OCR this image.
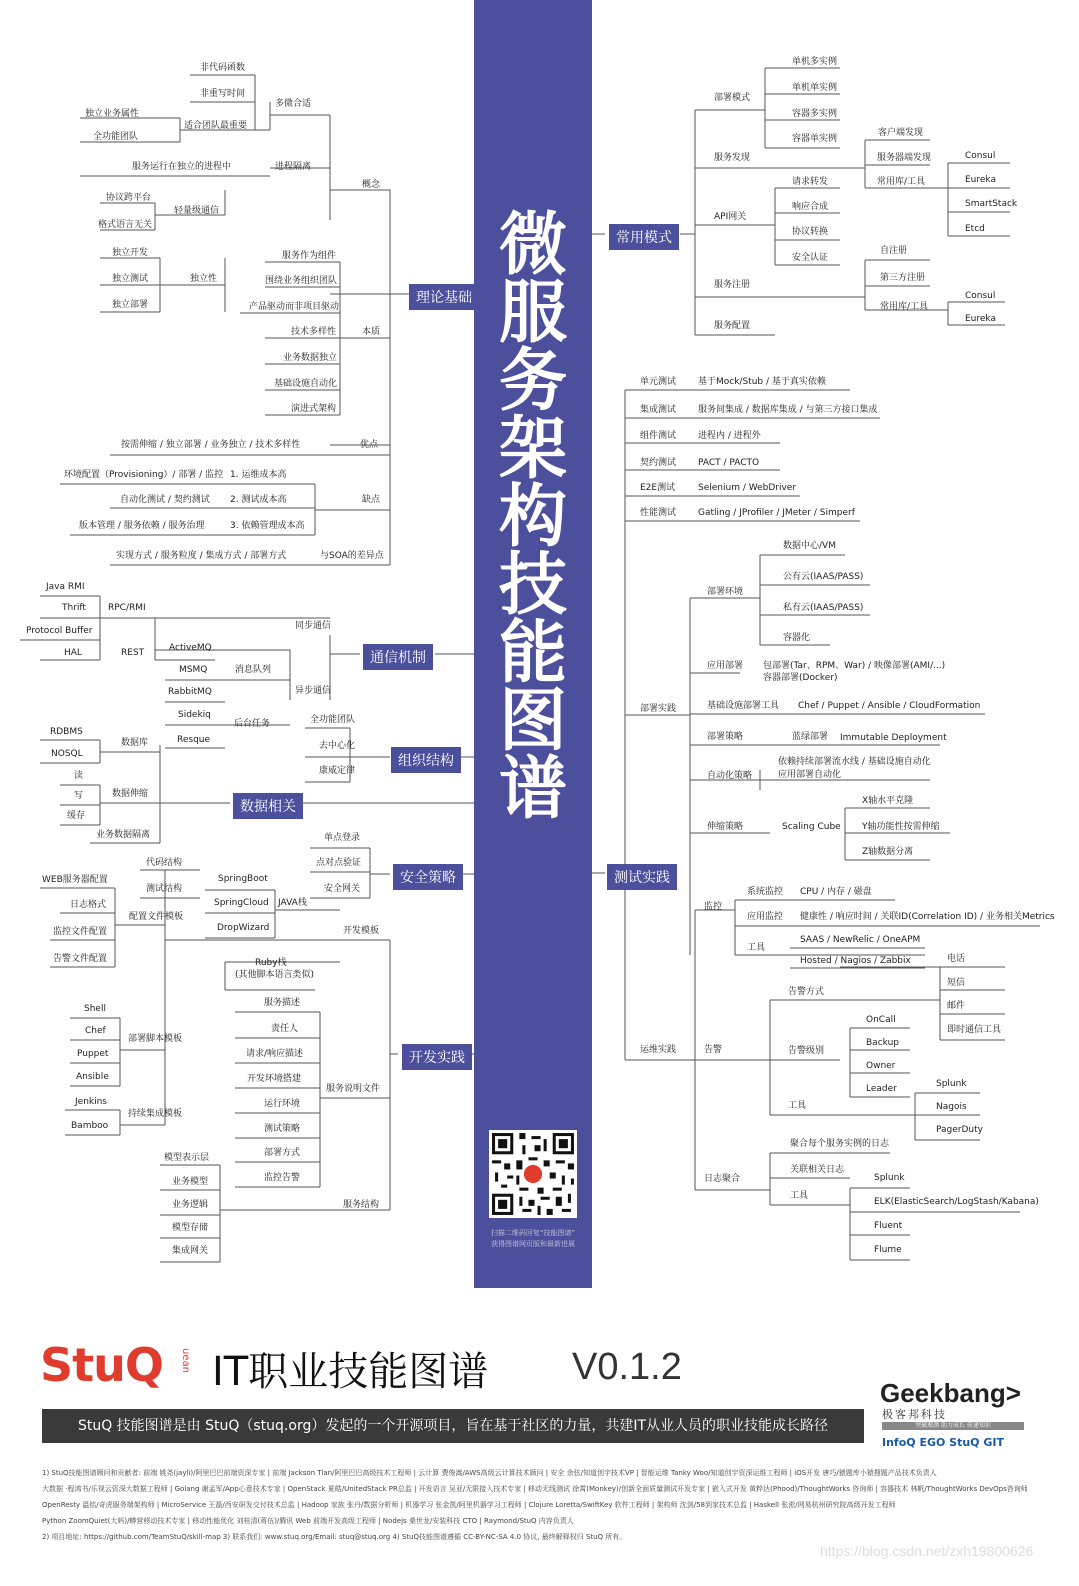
微
服
务
架
构
技
能
图
谱
理论基础
常用模式
通信机制
组织结构
数据相关
安全策略
开发实践
测试实践
非代码函数
非重写时间
多微合适
独立业务属性
适合团队最重要
全功能团队
服务运行在独立的进程中	进程隔离
概念
协议跨平台
轻量级通信
格式语言无关
独立开发
独立测试	独立性
独立部署
服务作为组件
围绕业务组织团队
产品驱动而非项目驱动
技术多样性	本质
业务数据独立
基础设施自动化
演进式架构
按需伸缩 / 独立部署 / 业务独立 / 技术多样性	优点
环境配置（Provisioning）/ 部署 / 监控 1. 运维成本高
自动化测试 / 契约测试 2. 测试成本高	缺点
版本管理 / 服务依赖 / 服务治理	3. 依赖管理成本高
实现方式 / 服务粒度 / 集成方式 / 部署方式	与SOA的差异点
单机多实例
单机单实例
部署模式
容器多实例
容器单实例
客户端发现
服务器端发现
服务发现
常用库/工具
Consul
Eureka
SmartStack
Etcd
请求转发
响应合成
API网关
协议转换
安全认证
自注册
第三方注册
服务注册
常用库/工具
Consul
Eureka
服务配置
单元测试 基于Mock/Stub / 基于真实依赖
集成测试 服务间集成 / 数据库集成 / 与第三方接口集成
组件测试 进程内 / 进程外
契约测试 PACT / PACTO
E2E测试	Selenium / WebDriver
性能测试 Gatling / JProfiler / JMeter / Simperf
数据中心/VM
公有云(IAAS/PASS)
部署环境
私有云(IAAS/PASS)
容器化
应用部署 包部署(Tar、RPM、War) / 映像部署(AMI/...)
容器部署(Docker)
部署实践	基础设施部署工具 Chef / Puppet / Ansible / CloudFormation
部署策略	蓝绿部署 Immutable Deployment
自动化策略
依赖持续部署流水线 / 基础设施自动化
应用部署自动化
X轴水平克隆
伸缩策略	Scaling Cube Y轴功能性按需伸缩
Z轴数据分离
系统监控 CPU / 内存 / 磁盘
监控
应用监控 健康性 / 响应时间 / 关联ID(Correlation ID) / 业务相关Metrics
工具
SAAS / NewRelic / OneAPM
Hosted / Nagios / Zabbix	电话
告警方式
短信
邮件
即时通信工具
OnCall
Backup
运维实践	告警	告警级别
Owner
Leader	Splunk
工具	Nagois
PagerDuty
聚合每个服务实例的日志
关联相关日志
日志聚合	Splunk
工具
ELK(ElasticSearch/LogStash/Kabana)
Fluent
Flume
Java RMI
Thrift RPC/RMI
Protocol Buffer	同步通信
HAL	REST	ActiveMQ
MSMQ	消息队列
RabbitMQ	异步通信
Sidekiq
后台任务
Resque
全功能团队
去中心化
康威定律
RDBMS
数据库
NOSQL
读
写	数据伸缩
缓存
业务数据隔离	单点登录
点对点验证
安全网关
代码结构
WEB服务器配置
测试结构
日志格式
配置文件模板
监控文件配置
告警文件配置
SpringBoot
SpringCloud JAVA栈
DropWizard	开发模板
Ruby栈
(其他脚本语言类似)
Shell
Chef
部署脚本模板
Puppet
Ansible
Jenkins
持续集成模板
Bamboo
服务描述
责任人
请求/响应描述
开发环境搭建
服务说明文件
运行环境
测试策略
部署方式
监控告警
模型表示层
业务模型
业务逻辑	服务结构
模型存储
集成网关
扫描二维码回复“技能图谱”
获得图谱网页版和最新进展
StuQ uean IT职业技能图谱 V0.1.2
StuQ 技能图谱是由 StuQ（stuq.org）发起的一个开源项目，旨在基于社区的力量，共建IT从业人员的职业技能成长路径
Geekbang>
极客邦科技
突破瓶颈 助力成长 传递知识
InfoQ EGO StuQ GIT
1) StuQ技能图谱顾问和贡献者: 前端 姚尧(jayli)/阿里巴巴前端资深专家 | 前端 Jackson Tian/阿里巴巴高级技术工程师 | 云计算 费俊嵩/AWS高级云计算技术顾问 | 安全 余弦/知道创宇技术VP | 智能运维 Tanky Woo/知道创宇资深运维工程师 | iOS开发 唐巧/猿题库小猿搜题产品技术负责人
大数据 ·程鸿书/乐视云资深大数据工程师 | Golang 谢孟军/App心意技术专家 | OpenStack 夏皓/UnitedStack PR总监 | 开发语言 吴亚/无限接入技术专家 | 移动无线测试 徐霄(Monkey)/创新全面质量测试开发专家 | 嵌入式开发 黄粹达(Phood)/ThoughtWorks 咨询师 | 容器技术 林帆/ThoughtWorks DevOps咨询师
OpenResty 温铭/奇虎服务端架构师 | MicroService 王磊/西安研发交付技术总监 | Hadoop 家族 张丹/数据分析师 | 机器学习 张金凯/阿里机器学习工程师 | Clojure Loretta/SwiftKey 软件工程师 | 架构师 沈剑/58到家技术总监 | Haskell 张淞/网易杭州研究院高级开发工程师
Python ZoomQuiet(大妈)/蟒营移动技术专家 | 移动性能优化 刘桂清(蒋伍)/腾讯 Web 前端开发高级工程师 | Nodejs 桑世龙/安装科技 CTO | Raymond/StuQ 内容负责人
2) 项目地址: https://github.com/TeamStuQ/skill-map 3) 联系我们: www.stuq.org/Email: stuq@stuq.org 4) StuQ技能图谱遵循 CC-BY-NC-SA 4.0 协议, 最终解释权归 StuQ 所有。
https://blog.csdn.net/zxh19800626
